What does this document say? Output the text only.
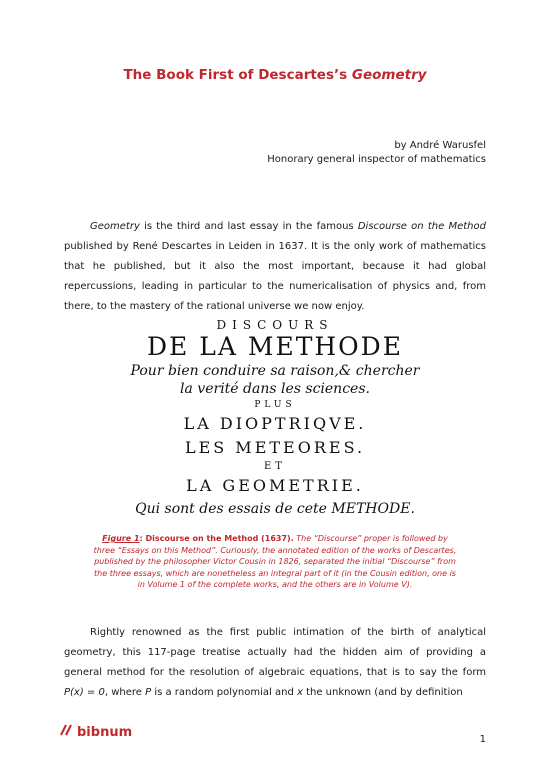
The Book First of Descartes’s Geometry
by André Warusfel
Honorary general inspector of mathematics

Geometry is the third and last essay in the famous Discourse on the Method published by René Descartes in Leiden in 1637. It is the only work of mathematics that he published, but it also the most important, because it had global repercussions, leading in particular to the numericalisation of physics and, from there, to the mastery of the rational universe we now enjoy.

DISCOURS
DE LA METHODE
Pour bien conduire sa raison,& chercher
la verité dans les sciences.
PLUS
LA DIOPTRIQVE.
LES METEORES.
ET
LA GEOMETRIE.
Qui sont des essais de cete METHODE.

Figure 1: Discourse on the Method (1637). The “Discourse” proper is followed by three “Essays on this Method”. Curiously, the annotated edition of the works of Descartes, published by the philosopher Victor Cousin in 1826, separated the initial “Discourse” from the three essays, which are nonetheless an integral part of it (in the Cousin edition, one is in Volume 1 of the complete works, and the others are in Volume V).

Rightly renowned as the first public intimation of the birth of analytical geometry, this 117-page treatise actually had the hidden aim of providing a general method for the resolution of algebraic equations, that is to say the form P(x) = 0, where P is a random polynomial and x the unknown (and by definition

bibnum	1
